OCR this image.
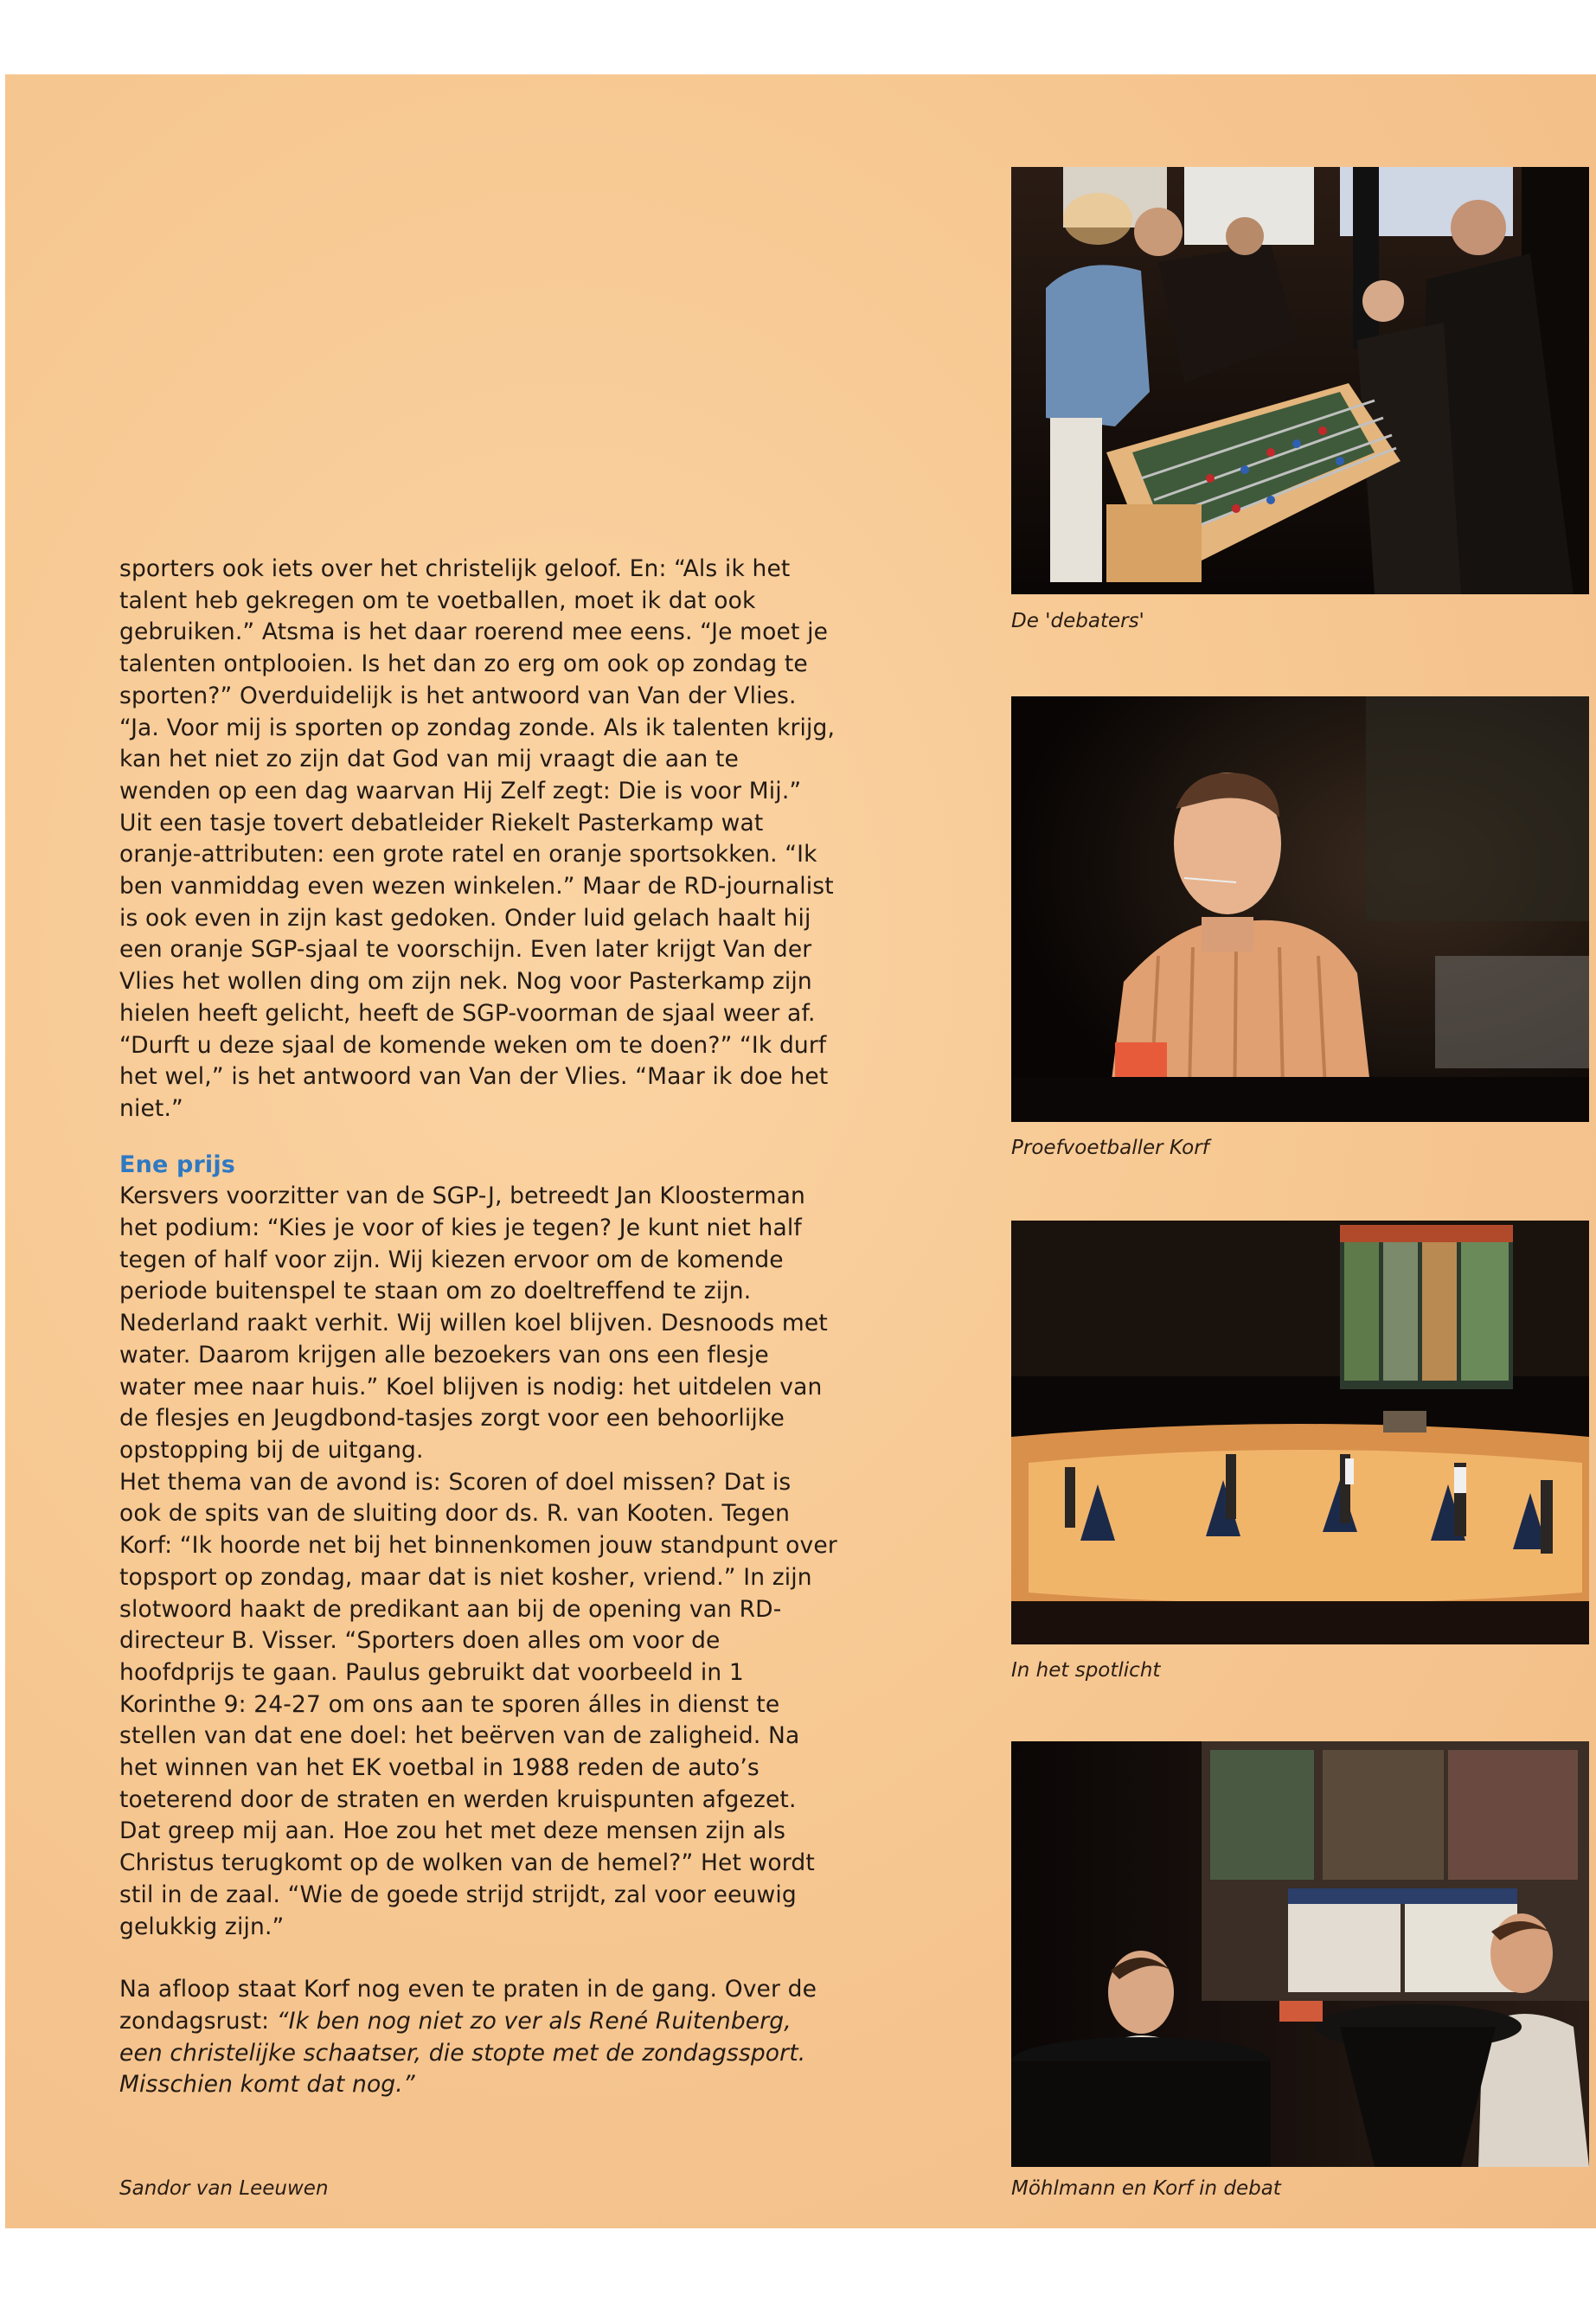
sporters ook iets over het christelijk geloof. En: “Als ik het talent heb gekregen om te voetballen, moet ik dat ook gebruiken.” Atsma is het daar roerend mee eens. “Je moet je talenten ontplooien. Is het dan zo erg om ook op zondag te sporten?” Overduidelijk is het antwoord van Van der Vlies. “Ja. Voor mij is sporten op zondag zonde. Als ik talenten krijg, kan het niet zo zijn dat God van mij vraagt die aan te wenden op een dag waarvan Hij Zelf zegt: Die is voor Mij.”

Uit een tasje tovert debatleider Riekelt Pasterkamp wat oranje-attributen: een grote ratel en oranje sportsokken. “Ik ben vanmiddag even wezen winkelen.” Maar de RD-journalist is ook even in zijn kast gedoken. Onder luid gelach haalt hij een oranje SGP-sjaal te voorschijn. Even later krijgt Van der Vlies het wollen ding om zijn nek. Nog voor Pasterkamp zijn hielen heeft gelicht, heeft de SGP-voorman de sjaal weer af. “Durft u deze sjaal de komende weken om te doen?” “Ik durf het wel,” is het antwoord van Van der Vlies. “Maar ik doe het niet.”

Ene prijs

Kersvers voorzitter van de SGP-J, betreedt Jan Kloosterman het podium: “Kies je voor of kies je tegen? Je kunt niet half tegen of half voor zijn. Wij kiezen ervoor om de komende periode buitenspel te staan om zo doeltreffend te zijn. Nederland raakt verhit. Wij willen koel blijven. Desnoods met water. Daarom krijgen alle bezoekers van ons een flesje water mee naar huis.” Koel blijven is nodig: het uitdelen van de flesjes en Jeugdbond-tasjes zorgt voor een behoorlijke opstopping bij de uitgang.

Het thema van de avond is: Scoren of doel missen? Dat is ook de spits van de sluiting door ds. R. van Kooten. Tegen Korf: “Ik hoorde net bij het binnenkomen jouw standpunt over topsport op zondag, maar dat is niet kosher, vriend.” In zijn slotwoord haakt de predikant aan bij de opening van RD-directeur B. Visser. “Sporters doen alles om voor de hoofdprijs te gaan. Paulus gebruikt dat voorbeeld in 1 Korinthe 9: 24-27 om ons aan te sporen álles in dienst te stellen van dat ene doel: het beërven van de zaligheid. Na het winnen van het EK voetbal in 1988 reden de auto’s toeterend door de straten en werden kruispunten afgezet. Dat greep mij aan. Hoe zou het met deze mensen zijn als Christus terugkomt op de wolken van de hemel?” Het wordt stil in de zaal. “Wie de goede strijd strijdt, zal voor eeuwig gelukkig zijn.”

Na afloop staat Korf nog even te praten in de gang. Over de zondagsrust: “Ik ben nog niet zo ver als René Ruitenberg, een christelijke schaatser, die stopte met de zondagssport. Misschien komt dat nog.”

Sandor van Leeuwen
De 'debaters'
Proefvoetballer Korf
In het spotlicht
Möhlmann en Korf in debat
